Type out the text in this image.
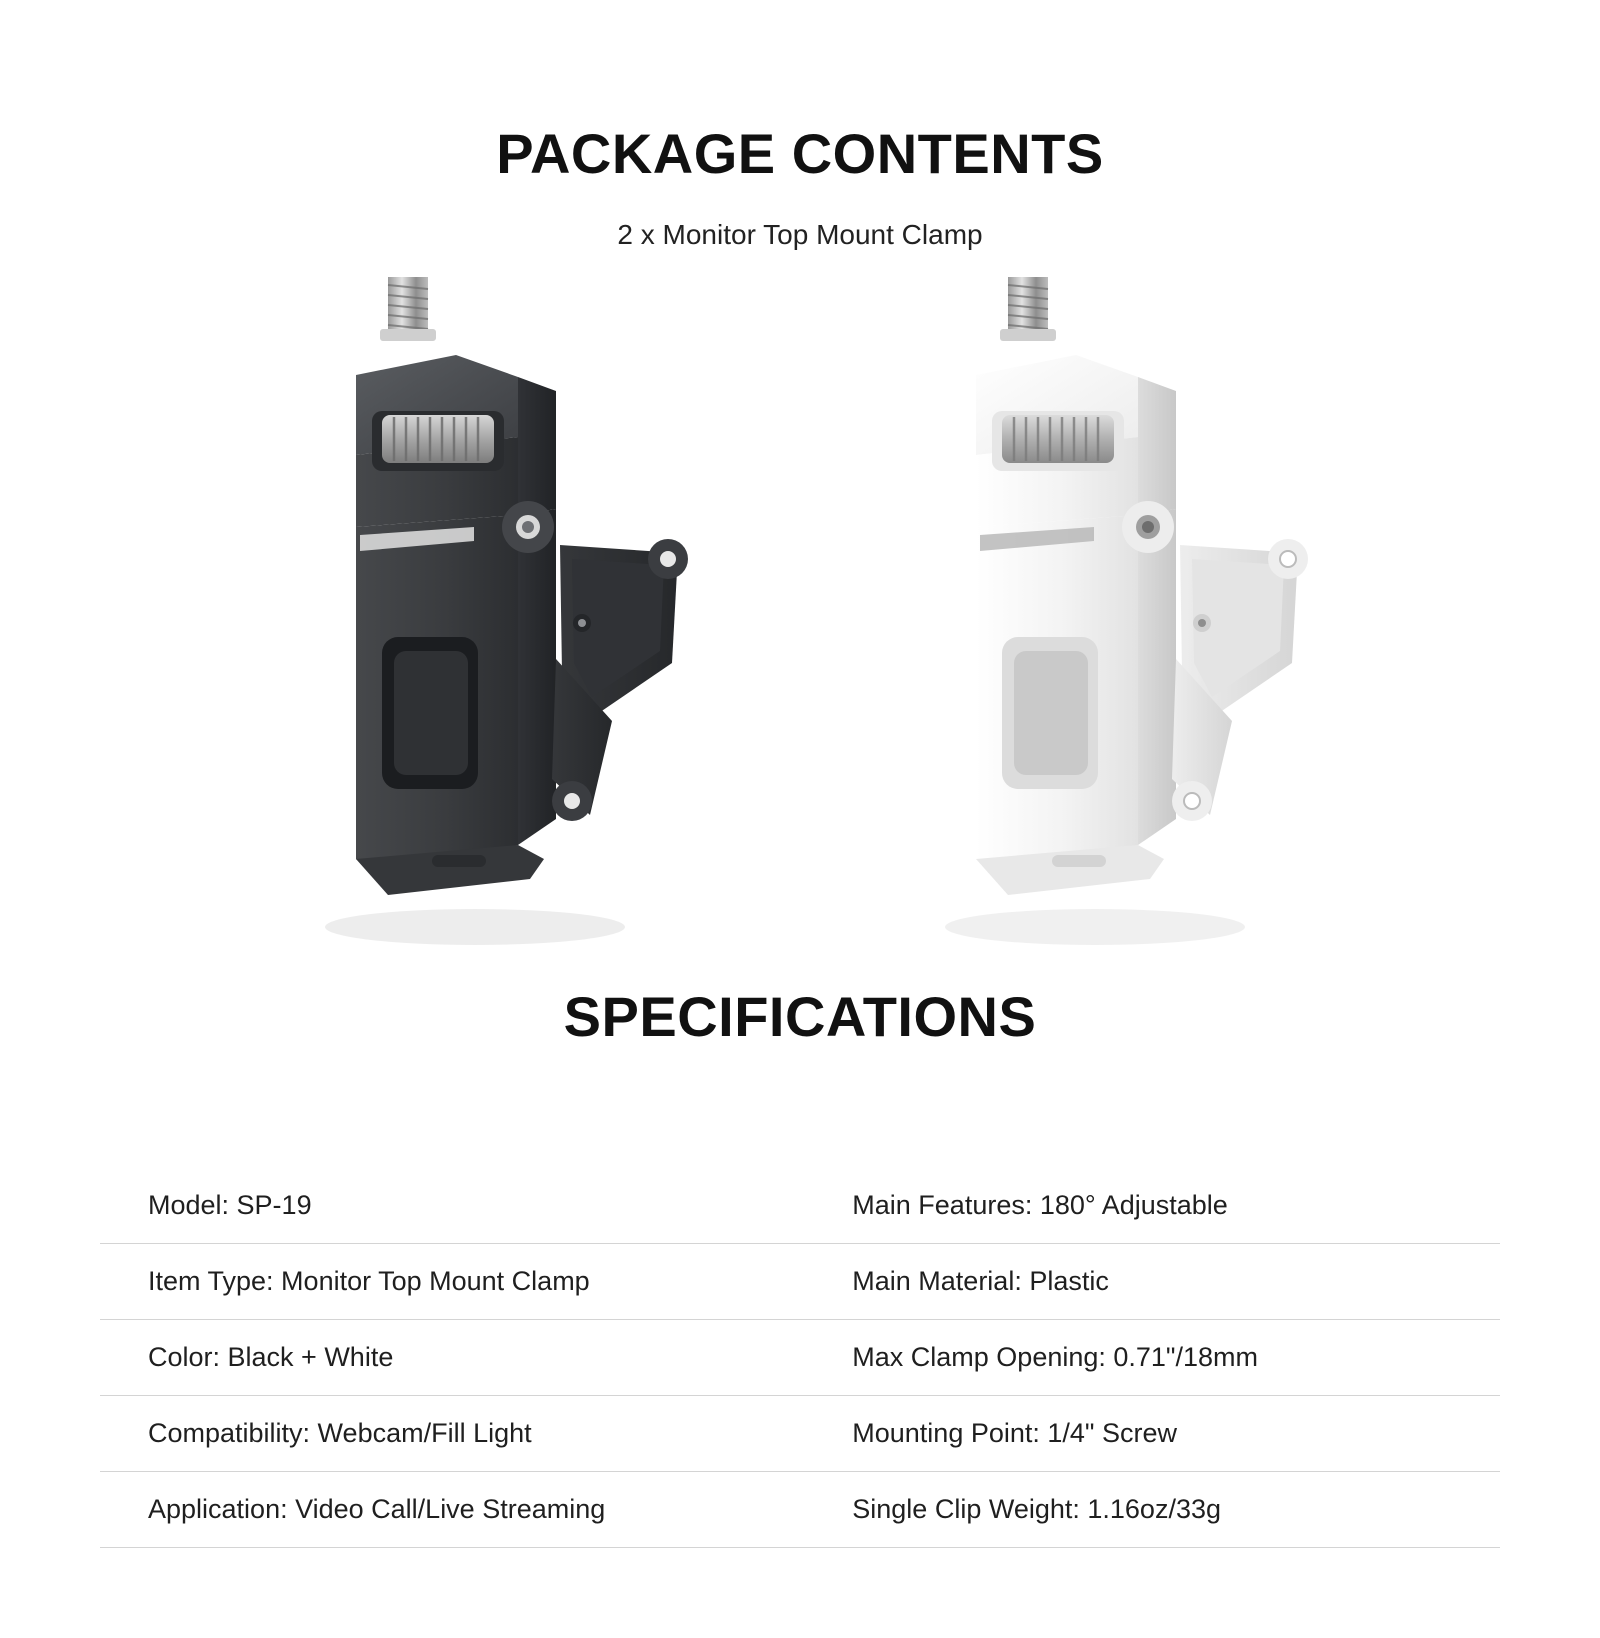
PACKAGE CONTENTS
2 x Monitor Top Mount Clamp
SPECIFICATIONS
Model: SP-19	Main Features: 180° Adjustable
Item Type: Monitor Top Mount Clamp	Main Material: Plastic
Color: Black + White	Max Clamp Opening: 0.71"/18mm
Compatibility: Webcam/Fill Light	Mounting Point: 1/4" Screw
Application: Video Call/Live Streaming	Single Clip Weight: 1.16oz/33g
